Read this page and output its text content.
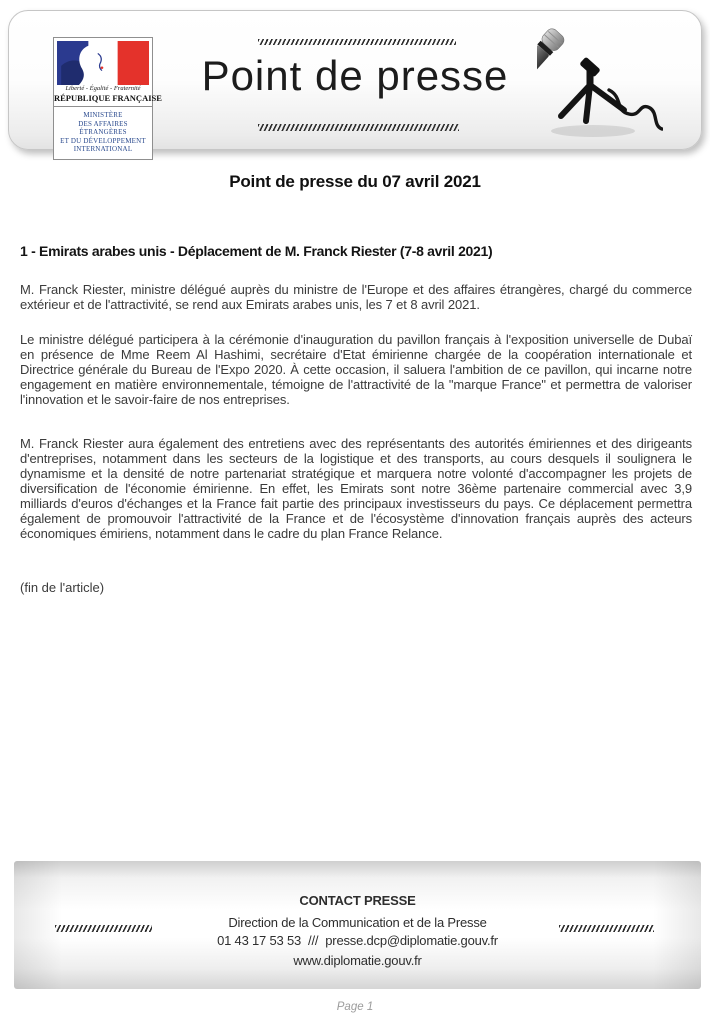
Liberté - Égalité - Fraternité
RÉPUBLIQUE FRANÇAISE
MINISTÈRE
DES AFFAIRES ÉTRANGÈRES
ET DU DÉVELOPPEMENT
INTERNATIONAL
Point de presse
Point de presse du 07 avril 2021
1 - Emirats arabes unis - Déplacement de M. Franck Riester (7-8 avril 2021)

M. Franck Riester, ministre délégué auprès du ministre de l'Europe et des affaires étrangères, chargé du commerce extérieur et de l'attractivité, se rend aux Emirats arabes unis, les 7 et 8 avril 2021.

Le ministre délégué participera à la cérémonie d'inauguration du pavillon français à l'exposition universelle de Dubaï en présence de Mme Reem Al Hashimi, secrétaire d'Etat émirienne chargée de la coopération internationale et Directrice générale du Bureau de l'Expo 2020. À cette occasion, il saluera l'ambition de ce pavillon, qui incarne notre engagement en matière environnementale, témoigne de l'attractivité de la "marque France" et permettra de valoriser l'innovation et le savoir-faire de nos entreprises.

M. Franck Riester aura également des entretiens avec des représentants des autorités émiriennes et des dirigeants d'entreprises, notamment dans les secteurs de la logistique et des transports, au cours desquels il soulignera le dynamisme et la densité de notre partenariat stratégique et marquera notre volonté d'accompagner les projets de diversification de l'économie émirienne. En effet, les Emirats sont notre 36ème partenaire commercial avec 3,9 milliards d'euros d'échanges et la France fait partie des principaux investisseurs du pays. Ce déplacement permettra également de promouvoir l'attractivité de la France et de l'écosystème d'innovation français auprès des acteurs économiques émiriens, notamment dans le cadre du plan France Relance.

(fin de l'article)
CONTACT PRESSE
Direction de la Communication et de la Presse
01 43 17 53 53 /// presse.dcp@diplomatie.gouv.fr
www.diplomatie.gouv.fr
Page 1
